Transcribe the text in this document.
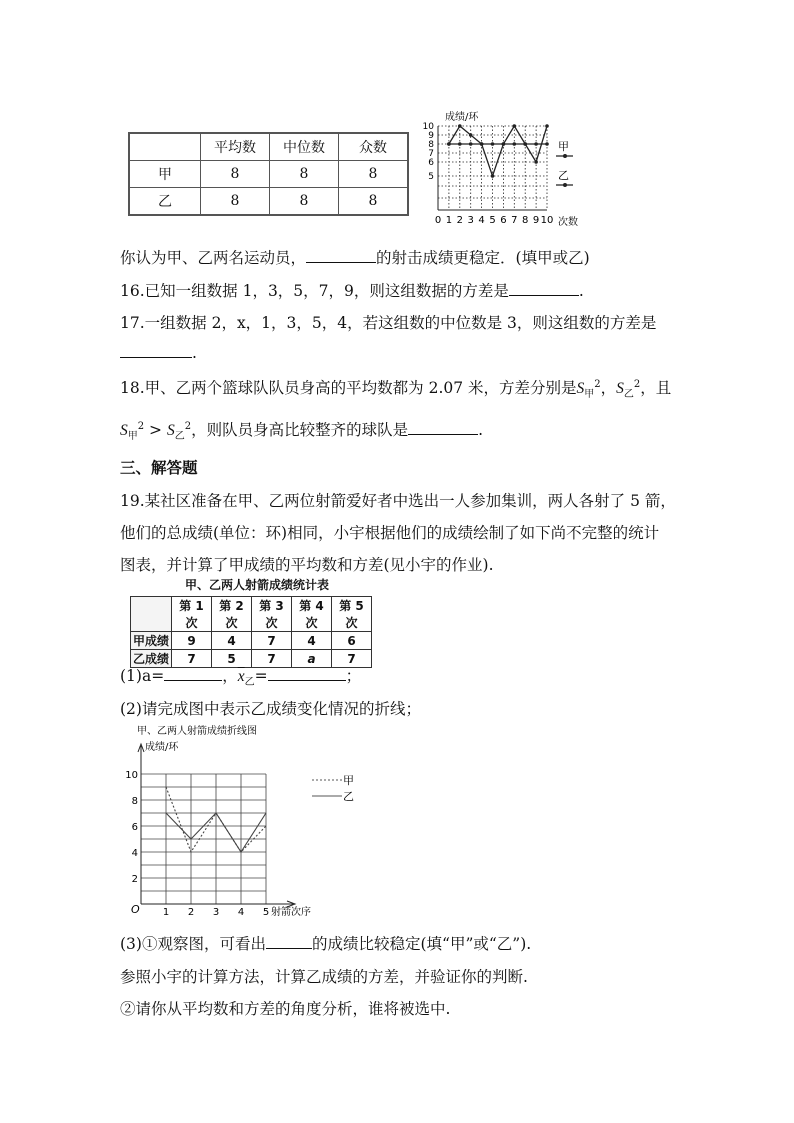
	平均数	中位数	众数
甲	8	8	8
乙	8	8	8
成绩/环
10
9
8
7
6
5
0 1 2 3 4 5 6 7 8 9 10 次数
甲
乙
你认为甲、乙两名运动员，	的射击成绩更稳定．(填甲或乙)
16.已知一组数据 1，3，5，7，9，则这组数据的方差是	.
17.一组数据 2，x，1，3，5，4，若这组数的中位数是 3，则这组数的方差是
.
18.甲、乙两个篮球队队员身高的平均数都为 2.07 米，方差分别是$S_甲^2$，$S_乙^2$，且
$S_甲^2 > S_乙^2$，则队员身高比较整齐的球队是	.
三、解答题
19.某社区准备在甲、乙两位射箭爱好者中选出一人参加集训，两人各射了 5 箭，
他们的总成绩(单位：环)相同，小宇根据他们的成绩绘制了如下尚不完整的统计
图表，并计算了甲成绩的平均数和方差(见小宇的作业).
甲、乙两人射箭成绩统计表
	第 1 次	第 2 次	第 3 次	第 4 次	第 5 次
甲成绩	9	4	7	4	6
乙成绩	7	5	7	a	7
(1)a=	，$\overline{x}_乙=$	；
(2)请完成图中表示乙成绩变化情况的折线；
甲、乙两人射箭成绩折线图
成绩/环
2
4
6
8
10
1 2 3 4 5
O	射箭次序
甲
乙
(3)①观察图，可看出	的成绩比较稳定(填“甲”或“乙”).
参照小宇的计算方法，计算乙成绩的方差，并验证你的判断.
②请你从平均数和方差的角度分析，谁将被选中.
